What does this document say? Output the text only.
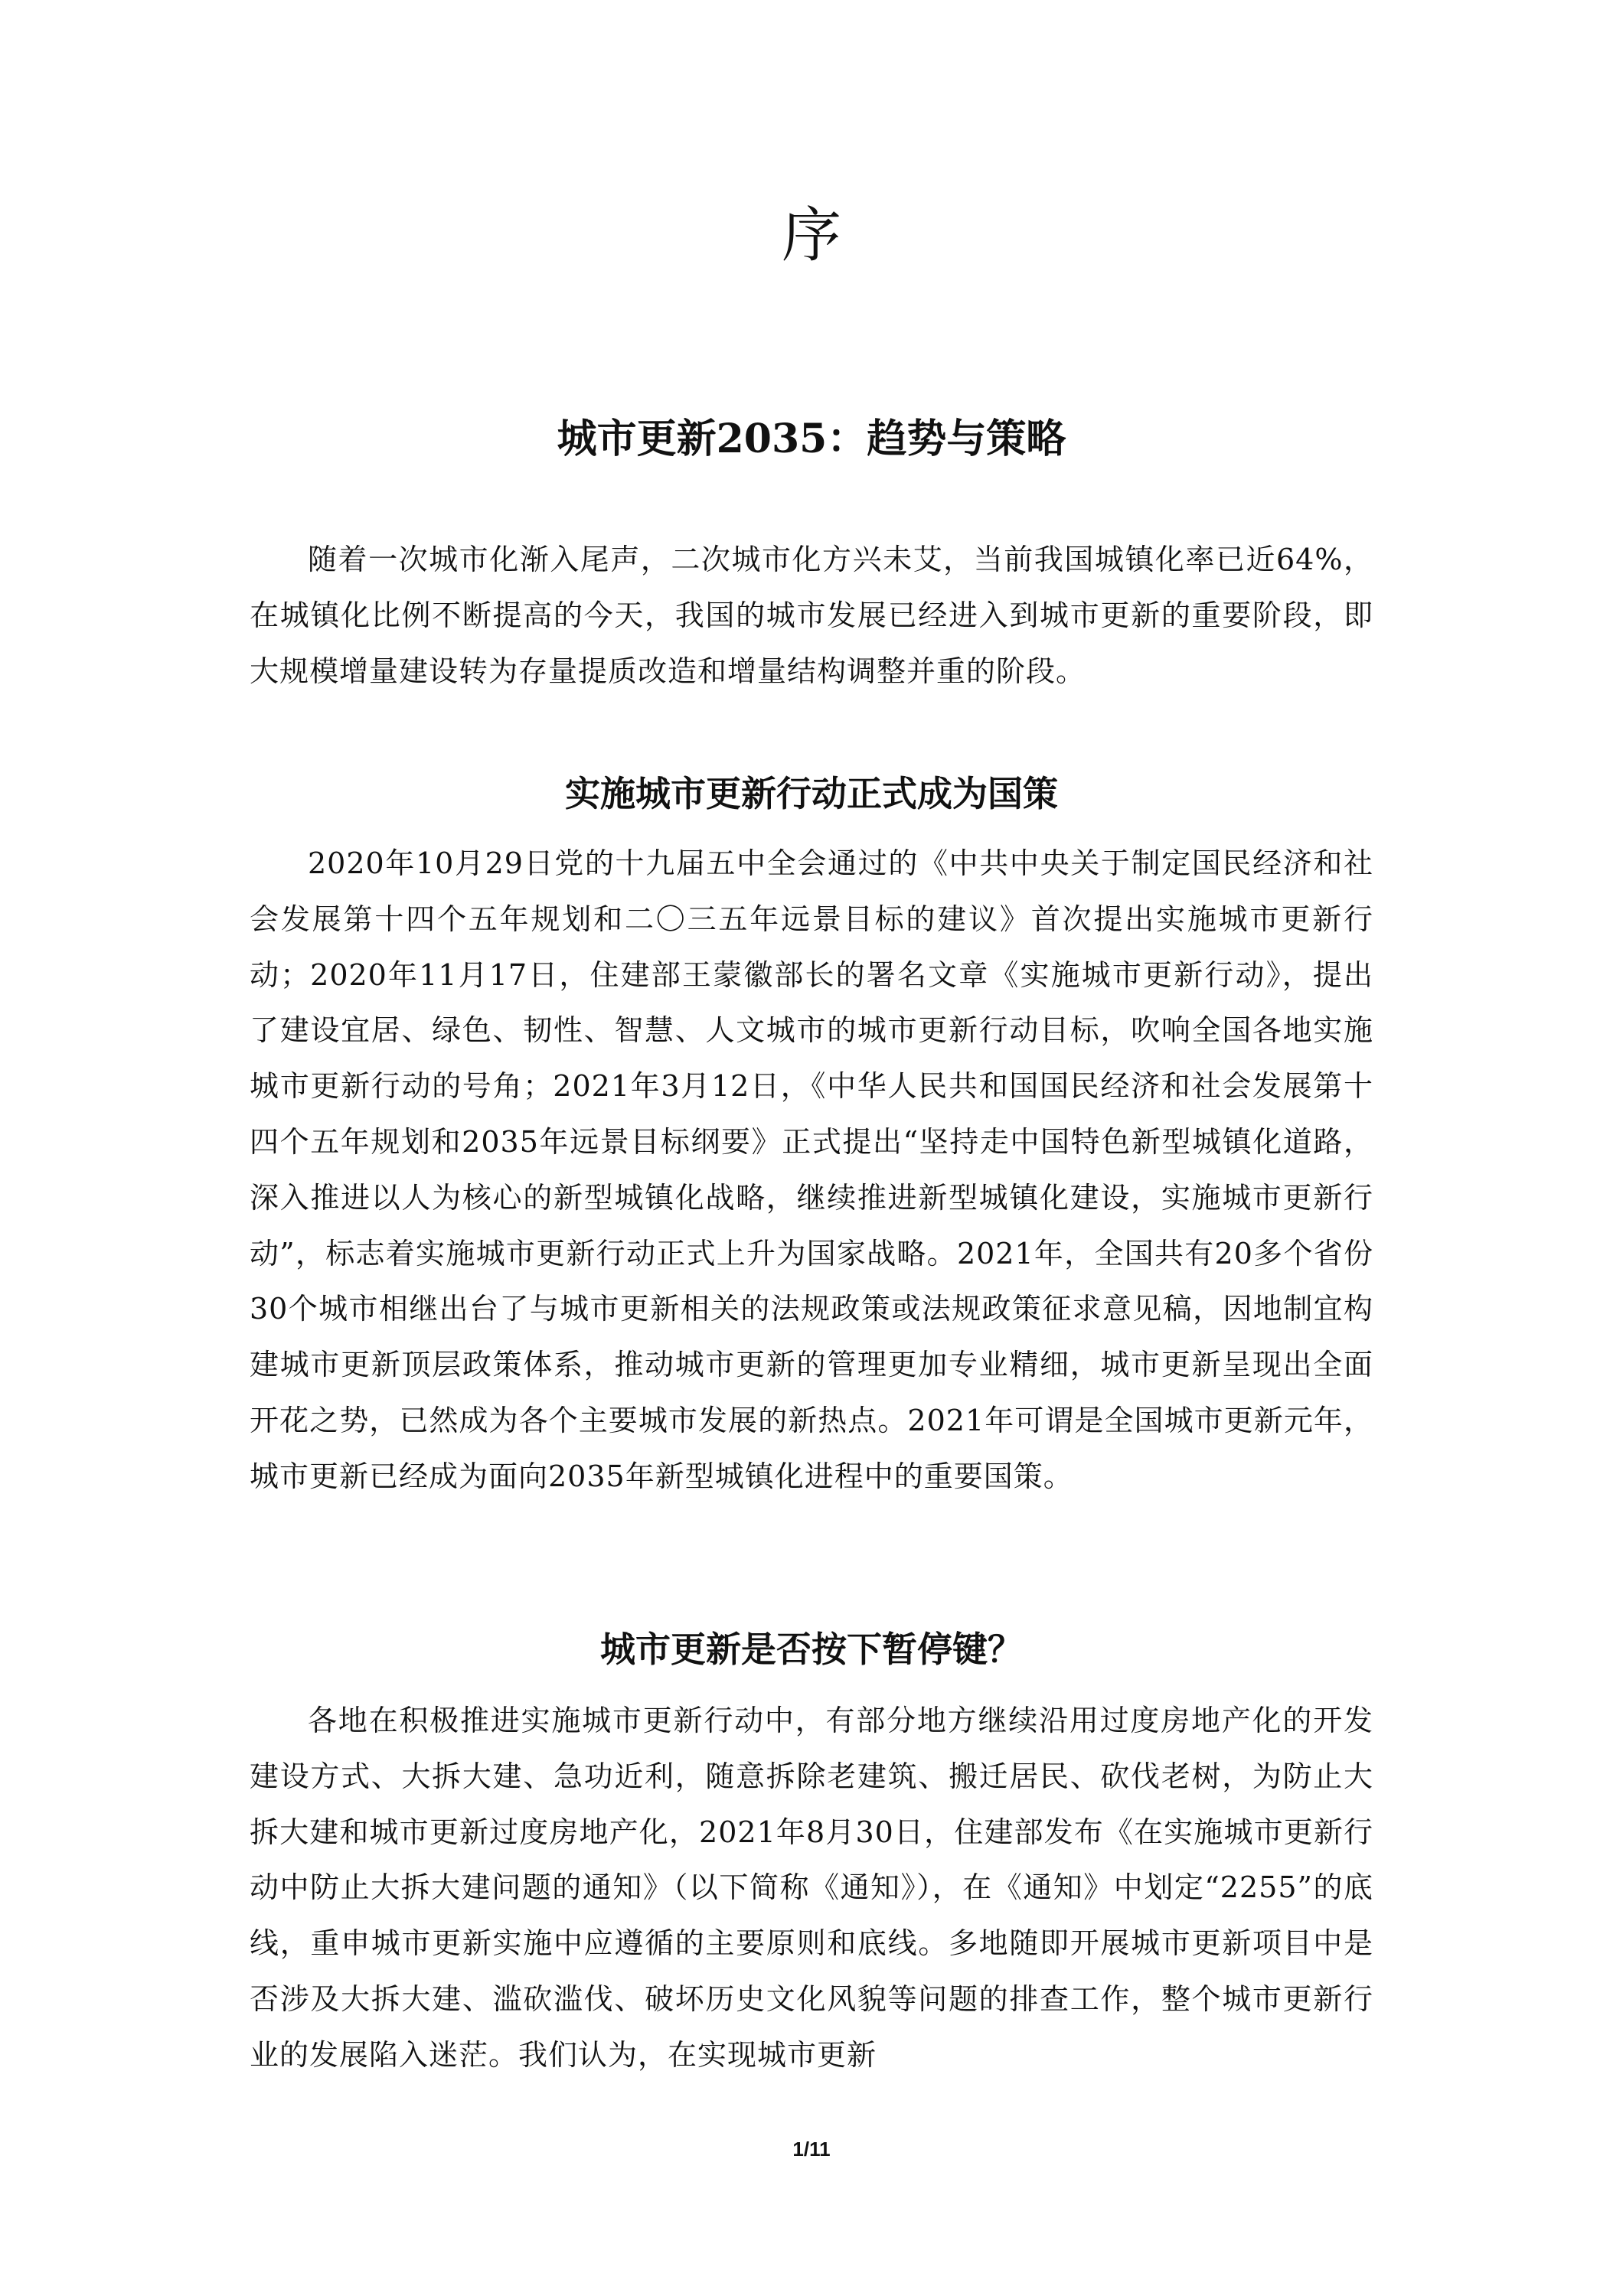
序
城市更新2035：趋势与策略

随着一次城市化渐入尾声，二次城市化方兴未艾，当前我国城镇化率已近64%，在城镇化比例不断提高的今天，我国的城市发展已经进入到城市更新的重要阶段，即大规模增量建设转为存量提质改造和增量结构调整并重的阶段。

实施城市更新行动正式成为国策

2020年10月29日党的十九届五中全会通过的《中共中央关于制定国民经济和社会发展第十四个五年规划和二〇三五年远景目标的建议》首次提出实施城市更新行动；2020年11月17日，住建部王蒙徽部长的署名文章《实施城市更新行动》，提出了建设宜居、绿色、韧性、智慧、人文城市的城市更新行动目标，吹响全国各地实施城市更新行动的号角；2021年3月12日，《中华人民共和国国民经济和社会发展第十四个五年规划和2035年远景目标纲要》正式提出“坚持走中国特色新型城镇化道路，深入推进以人为核心的新型城镇化战略，继续推进新型城镇化建设，实施城市更新行动”，标志着实施城市更新行动正式上升为国家战略。2021年，全国共有20多个省份30个城市相继出台了与城市更新相关的法规政策或法规政策征求意见稿，因地制宜构建城市更新顶层政策体系，推动城市更新的管理更加专业精细，城市更新呈现出全面开花之势，已然成为各个主要城市发展的新热点。2021年可谓是全国城市更新元年，城市更新已经成为面向2035年新型城镇化进程中的重要国策。

城市更新是否按下暂停键？

各地在积极推进实施城市更新行动中，有部分地方继续沿用过度房地产化的开发建设方式、大拆大建、急功近利，随意拆除老建筑、搬迁居民、砍伐老树，为防止大拆大建和城市更新过度房地产化，2021年8月30日，住建部发布《在实施城市更新行动中防止大拆大建问题的通知》（以下简称《通知》），在《通知》中划定“2255”的底线，重申城市更新实施中应遵循的主要原则和底线。多地随即开展城市更新项目中是否涉及大拆大建、滥砍滥伐、破坏历史文化风貌等问题的排查工作，整个城市更新行业的发展陷入迷茫。我们认为，在实现城市更新

1/11
